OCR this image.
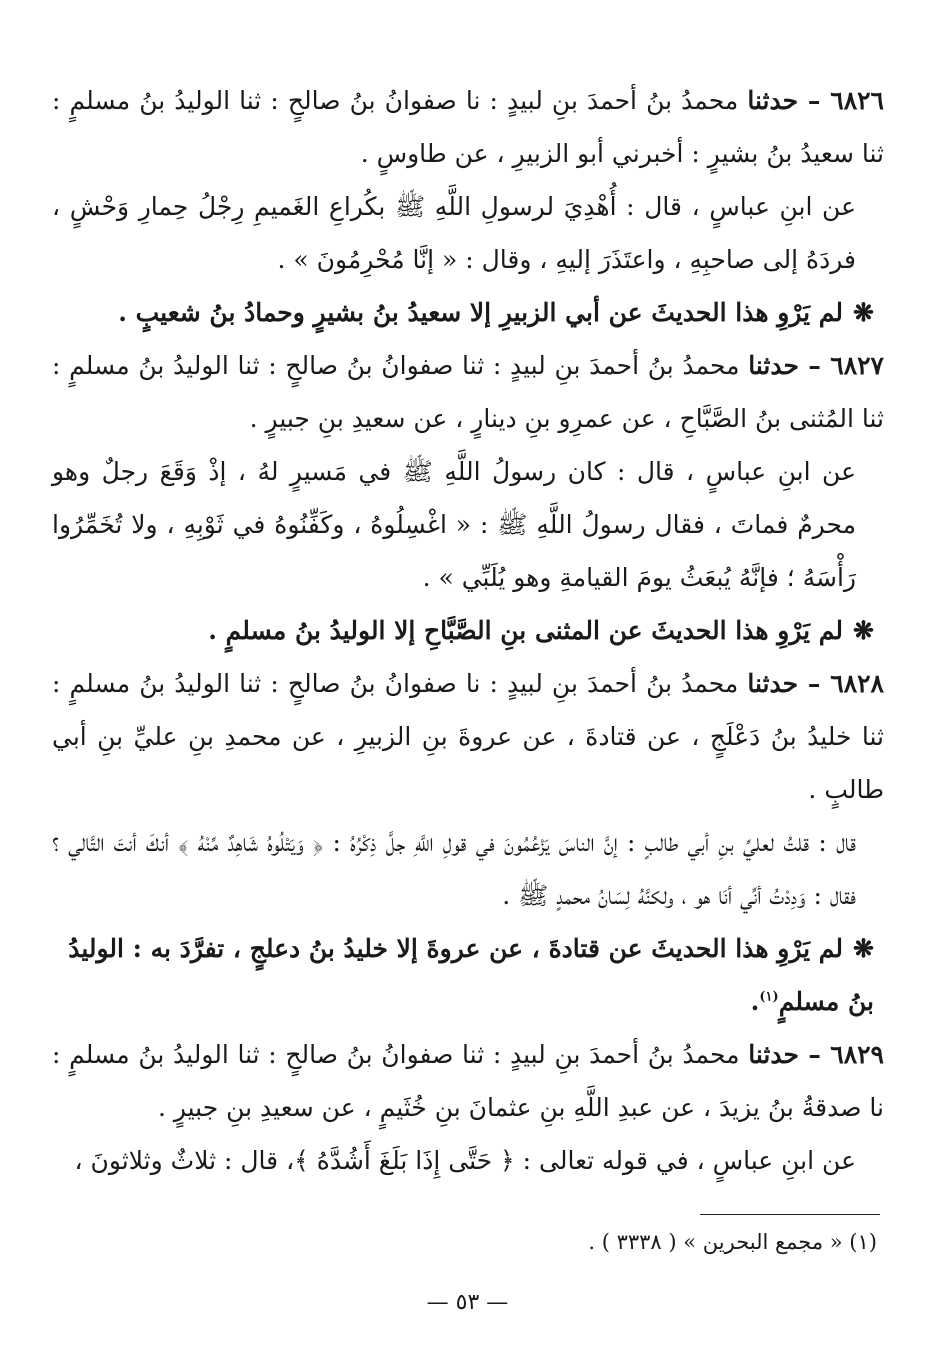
٦٨٢٦ – حدثنا محمدُ بنُ أحمدَ بنِ لبيدٍ : نا صفوانُ بنُ صالحٍ : ثنا الوليدُ بنُ مسلمٍ : ثنا سعيدُ بنُ بشيرٍ : أخبرني أبو الزبيرِ ، عن طاوسٍ .

عن ابنِ عباسٍ ، قال : أُهْدِيَ لرسولِ اللَّهِ ﷺ بكُراعِ الغَميمِ رِجْلُ حِمارِ وَحْشٍ ، فردَهُ إلى صاحبِهِ ، واعتَذَرَ إليهِ ، وقال : « إنَّا مُحْرِمُونَ » .

❋لم يَرْوِ هذا الحديثَ عن أبي الزبيرِ إلا سعيدُ بنُ بشيرٍ وحمادُ بنُ شعيبٍ .

٦٨٢٧ – حدثنا محمدُ بنُ أحمدَ بنِ لبيدٍ : ثنا صفوانُ بنُ صالحٍ : ثنا الوليدُ بنُ مسلمٍ : ثنا المُثنى بنُ الصَّبَّاحِ ، عن عمرِو بنِ دينارٍ ، عن سعيدِ بنِ جبيرٍ .

عن ابنِ عباسٍ ، قال : كان رسولُ اللَّهِ ﷺ في مَسيرٍ لهُ ، إذْ وَقَعَ رجلٌ وهو محرمٌ فماتَ ، فقال رسولُ اللَّهِ ﷺ : « اغْسِلُوهُ ، وكَفِّنُوهُ في ثَوْبِهِ ، ولا تُخَمِّرُوا رَأْسَهُ ؛ فإنَّهُ يُبعَثُ يومَ القيامةِ وهو يُلَبِّي » .

❋لم يَرْوِ هذا الحديثَ عن المثنى بنِ الصَّبَّاحِ إلا الوليدُ بنُ مسلمٍ .

٦٨٢٨ – حدثنا محمدُ بنُ أحمدَ بنِ لبيدٍ : نا صفوانُ بنُ صالحٍ : ثنا الوليدُ بنُ مسلمٍ : ثنا خليدُ بنُ دَعْلَجٍ ، عن قتادةَ ، عن عروةَ بنِ الزبيرِ ، عن محمدِ بنِ عليِّ بنِ أبي طالبٍ .

قال : قلتُ لعليِّ بنِ أبي طالبٍ : إنَّ الناسَ يَزْعُمُونَ في قولِ اللَّهِ جلَّ ذِكْرُهُ : ﴿ وَيَتْلُوهُ شَاهِدٌ مِّنْهُ ﴾ أنكَ أنتَ التَّالي ؟ فقال : وَدِدْتُ أنِّي أنَا هو ، ولكنَّهُ لِسَانُ محمدٍ ﷺ .

❋لم يَرْوِ هذا الحديثَ عن قتادةَ ، عن عروةَ إلا خليدُ بنُ دعلجٍ ، تفرَّدَ به : الوليدُ بنُ مسلمٍ$^{(١)}$.

٦٨٢٩ – حدثنا محمدُ بنُ أحمدَ بنِ لبيدٍ : ثنا صفوانُ بنُ صالحٍ : ثنا الوليدُ بنُ مسلمٍ : نا صدقةُ بنُ يزيدَ ، عن عبدِ اللَّهِ بنِ عثمانَ بنِ خُثَيمٍ ، عن سعيدِ بنِ جبيرٍ .

عن ابنِ عباسٍ ، في قوله تعالى : ﴿ حَتَّى إِذَا بَلَغَ أَشُدَّهُ ﴾، قال : ثلاثٌ وثلاثونَ ،

(١) « مجمع البحرين » ( ٣٣٣٨ ) .
— ٥٣ —
